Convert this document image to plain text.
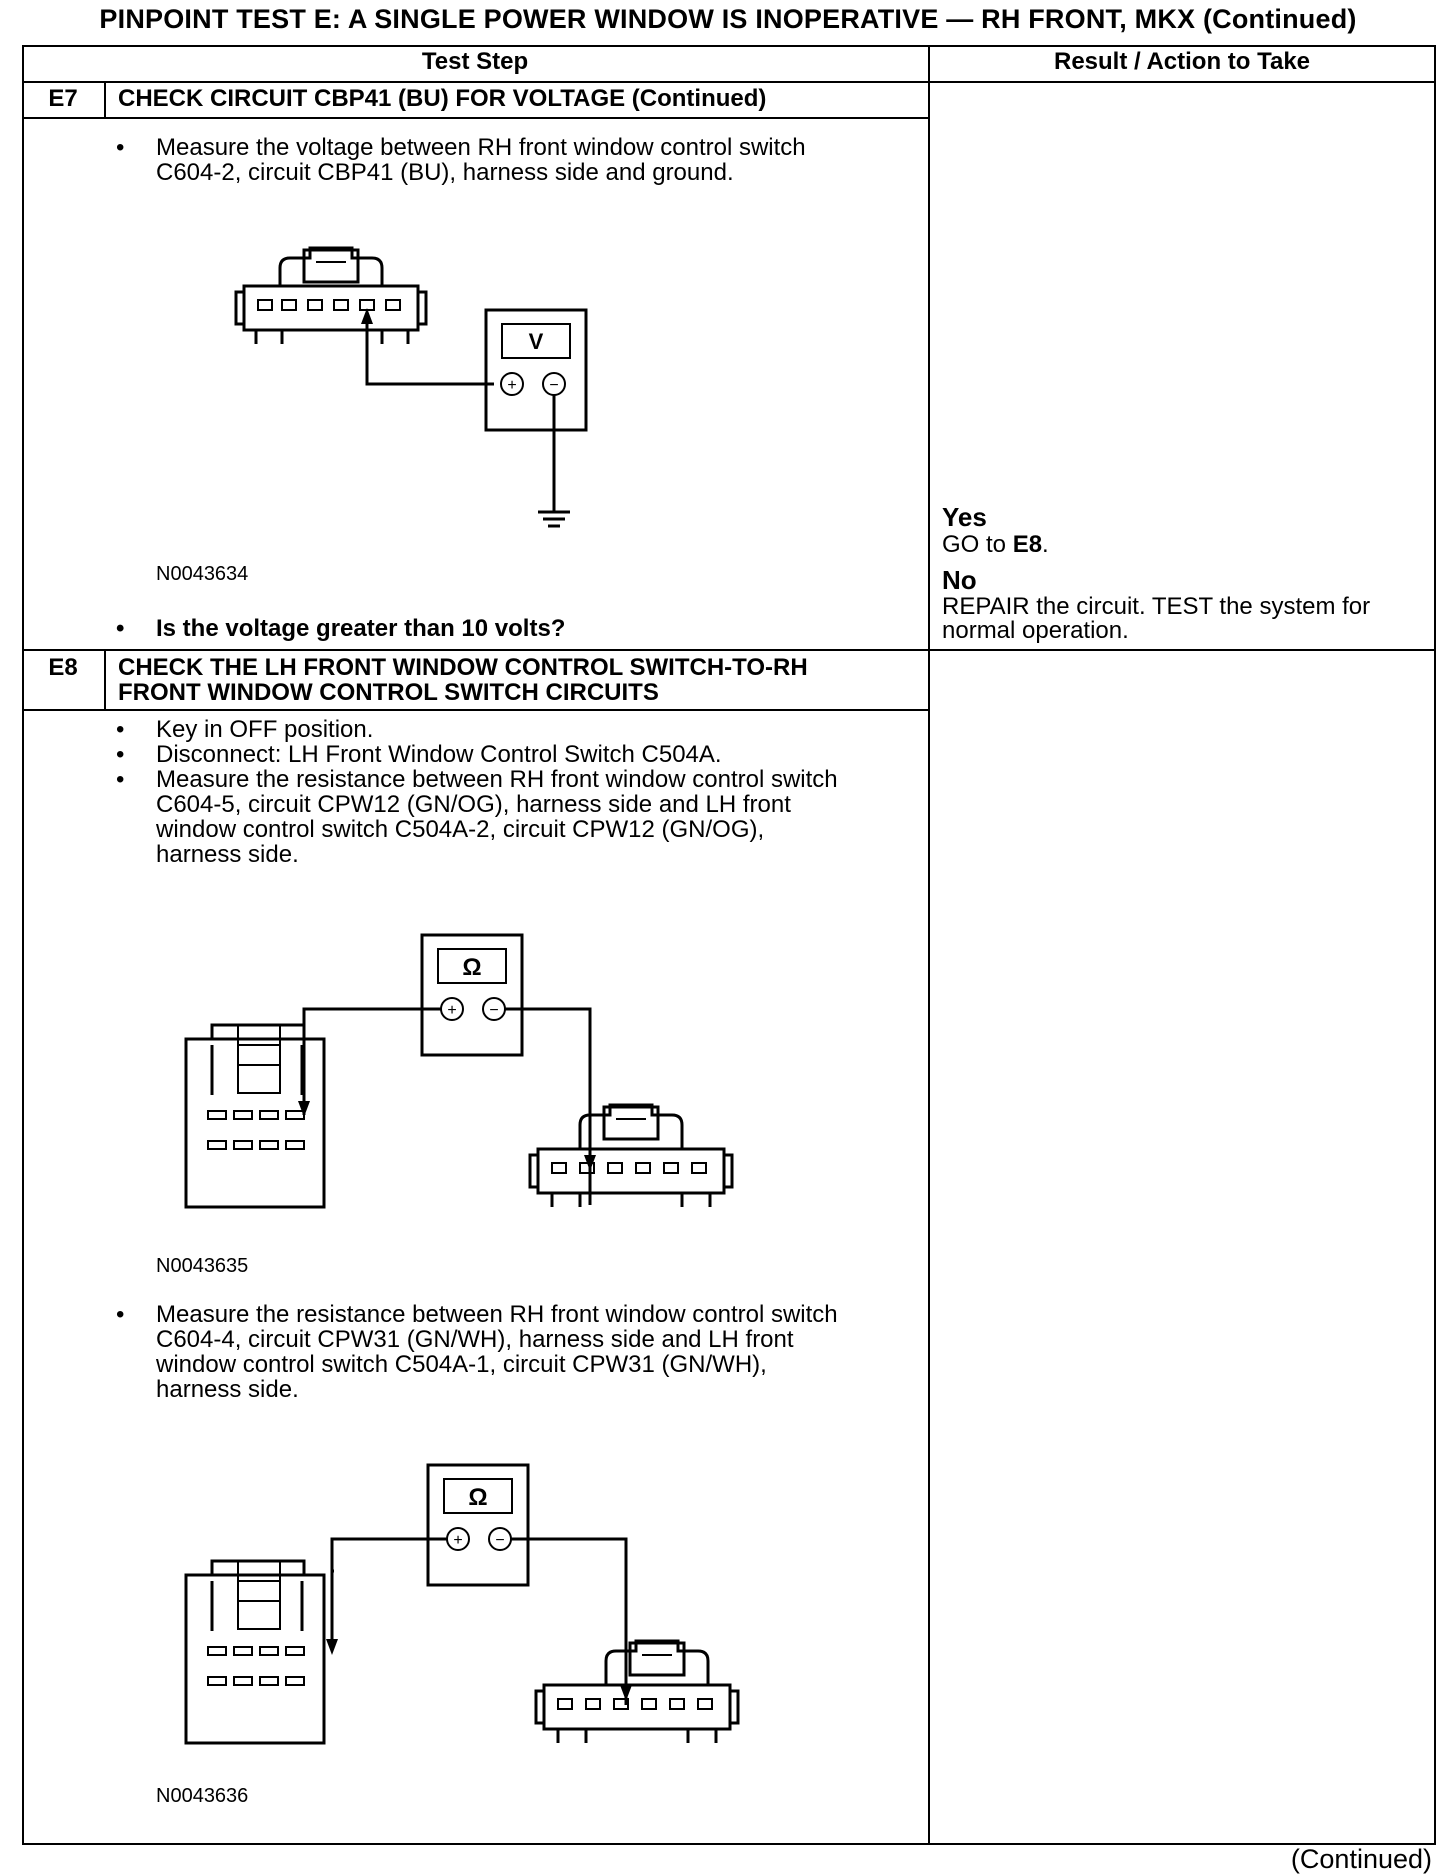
PINPOINT TEST E: A SINGLE POWER WINDOW IS INOPERATIVE — RH FRONT, MKX (Continued)
Test Step	Result / Action to Take
E7	CHECK CIRCUIT CBP41 (BU) FOR VOLTAGE (Continued)
• Measure the voltage between RH front window control switch
C604-2, circuit CBP41 (BU), harness side and ground.
V
+ −
N0043634
• Is the voltage greater than 10 volts?
Yes
GO to E8.
No
REPAIR the circuit. TEST the system for
normal operation.
E8	CHECK THE LH FRONT WINDOW CONTROL SWITCH-TO-RH
FRONT WINDOW CONTROL SWITCH CIRCUITS
• Key in OFF position.
• Disconnect: LH Front Window Control Switch C504A.
• Measure the resistance between RH front window control switch
C604-5, circuit CPW12 (GN/OG), harness side and LH front
window control switch C504A-2, circuit CPW12 (GN/OG),
harness side.
Ω
+ −
N0043635
• Measure the resistance between RH front window control switch
C604-4, circuit CPW31 (GN/WH), harness side and LH front
window control switch C504A-1, circuit CPW31 (GN/WH),
harness side.
Ω
+ −
N0043636
(Continued)
